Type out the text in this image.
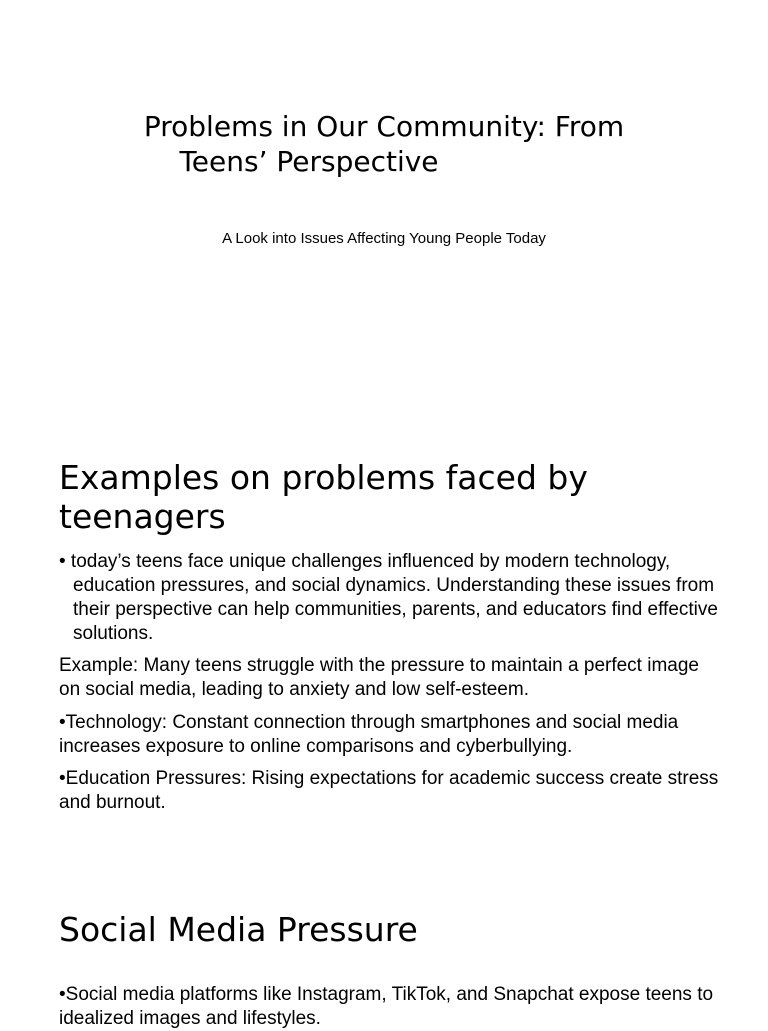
Problems in Our Community: From
Teens’ Perspective

A Look into Issues Affecting Young People Today

Examples on problems faced by teenagers

• today’s teens face unique challenges influenced by modern technology, education pressures, and social dynamics. Understanding these issues from their perspective can help communities, parents, and educators find effective solutions.

Example: Many teens struggle with the pressure to maintain a perfect image on social media, leading to anxiety and low self-esteem.

•Technology: Constant connection through smartphones and social media increases exposure to online comparisons and cyberbullying.

•Education Pressures: Rising expectations for academic success create stress and burnout.

Social Media Pressure

•Social media platforms like Instagram, TikTok, and Snapchat expose teens to idealized images and lifestyles.
